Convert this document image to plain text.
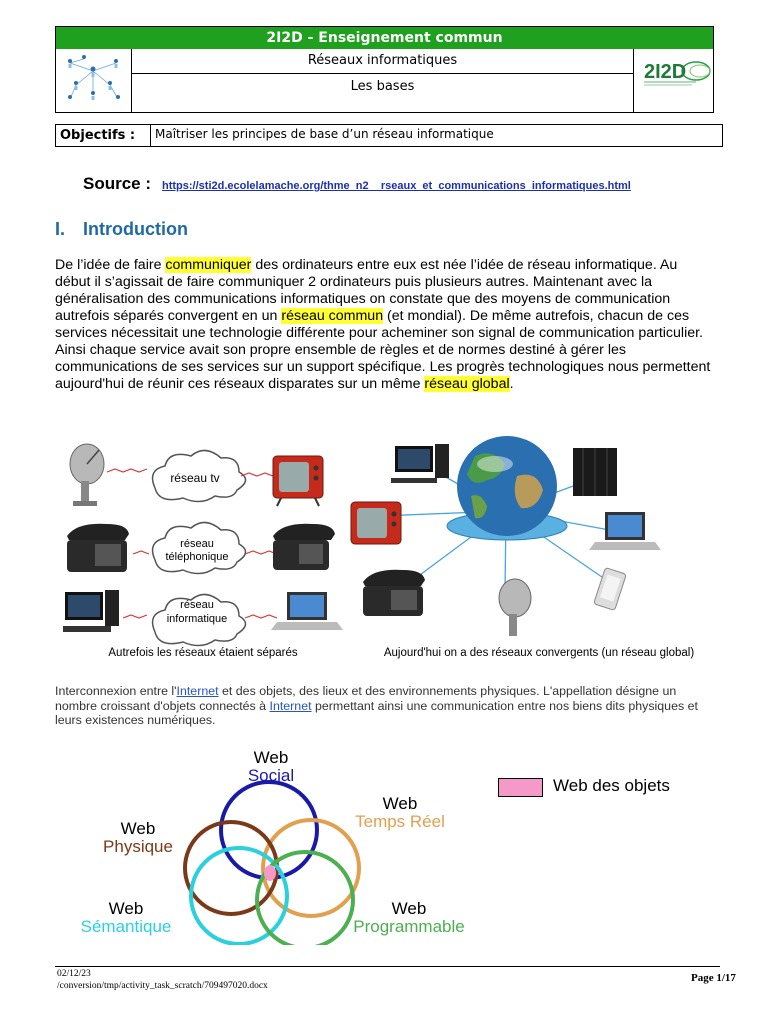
2I2D - Enseignement commun
Réseaux informatiques
Les bases
2I2D
Objectifs :	Maîtriser les principes de base d’un réseau informatique
Source : https://sti2d.ecolelamache.org/thme_n2__rseaux_et_communications_informatiques.html
I. Introduction
De l’idée de faire communiquer des ordinateurs entre eux est née l’idée de réseau informatique. Au début il s’agissait de faire communiquer 2 ordinateurs puis plusieurs autres. Maintenant avec la généralisation des communications informatiques on constate que des moyens de communication autrefois séparés convergent en un réseau commun (et mondial). De même autrefois, chacun de ces services nécessitait une technologie différente pour acheminer son signal de communication particulier. Ainsi chaque service avait son propre ensemble de règles et de normes destiné à gérer les communications de ses services sur un support spécifique. Les progrès technologiques nous permettent aujourd'hui de réunir ces réseaux disparates sur un même réseau global.
réseau tv
réseau
téléphonique
réseau
informatique
Autrefois les réseaux étaient séparés	Aujourd'hui on a des réseaux convergents (un réseau global)
Interconnexion entre l'Internet et des objets, des lieux et des environnements physiques. L'appellation désigne un nombre croissant d'objets connectés à Internet permettant ainsi une communication entre nos biens dits physiques et leurs existences numériques.
Web
Social
Web
Temps Réel
Web
Physique
Web
Sémantique
Web
Programmable
Web des objets
02/12/23
/conversion/tmp/activity_task_scratch/709497020.docx
Page 1/17
